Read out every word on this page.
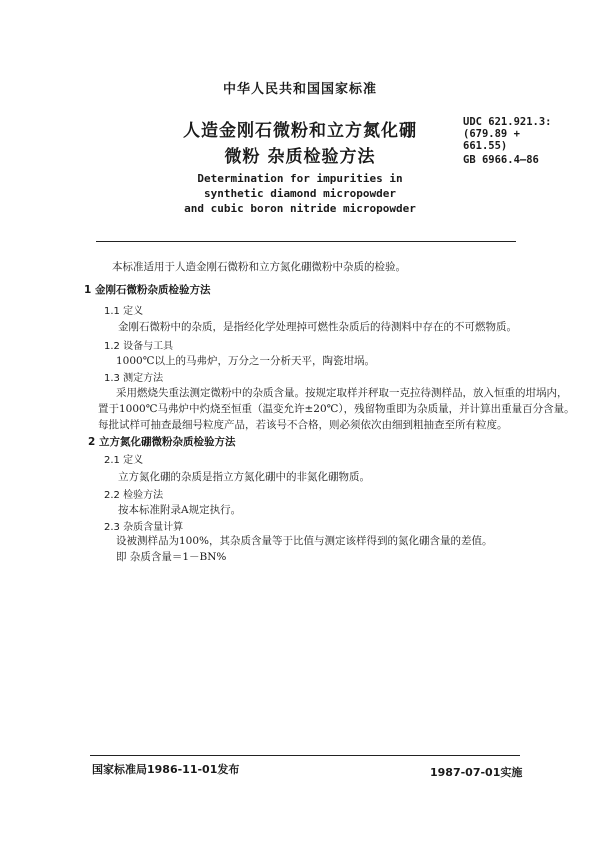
中华人民共和国国家标准
人造金刚石微粉和立方氮化硼
微粉 杂质检验方法
Determination for impurities in
synthetic diamond micropowder
and cubic boron nitride micropowder
UDC 621.921.3:
(679.89 +
661.55)
GB 6966.4—86
本标准适用于人造金刚石微粉和立方氮化硼微粉中杂质的检验。
1 金刚石微粉杂质检验方法
1.1 定义
金刚石微粉中的杂质，是指经化学处理掉可燃性杂质后的待测料中存在的不可燃物质。
1.2 设备与工具
1000℃以上的马弗炉，万分之一分析天平，陶瓷坩埚。
1.3 测定方法
采用燃烧失重法测定微粉中的杂质含量。按规定取样并秤取一克拉待测样品，放入恒重的坩埚内，
置于1000℃马弗炉中灼烧至恒重（温变允许±20℃），残留物重即为杂质量，并计算出重量百分含量。
每批试样可抽查最细号粒度产品，若该号不合格，则必须依次由细到粗抽查至所有粒度。
2 立方氮化硼微粉杂质检验方法
2.1 定义
立方氮化硼的杂质是指立方氮化硼中的非氮化硼物质。
2.2 检验方法
按本标准附录A规定执行。
2.3 杂质含量计算
设被测样品为100%，其杂质含量等于比值与测定该样得到的氮化硼含量的差值。
即 杂质含量＝1－BN%
国家标准局1986-11-01发布	1987-07-01实施
